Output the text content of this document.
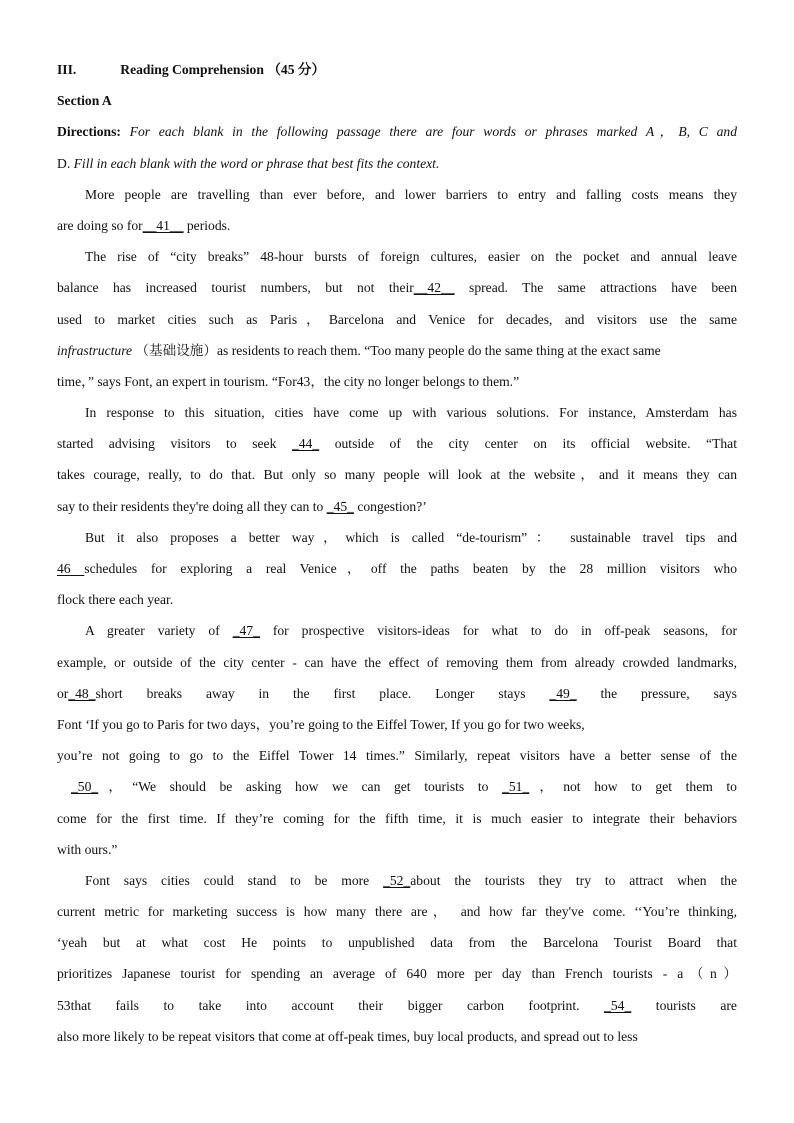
III.	Reading Comprehension （45 分）
Section A
Directions: For each blank in the following passage there are four words or phrases marked A，B, C and
D. Fill in each blank with the word or phrase that best fits the context.
More people are travelling than ever before, and lower barriers to entry and falling costs means they
are doing so for__41__ periods.
The rise of “city breaks” 48-hour bursts of foreign cultures, easier on the pocket and annual leave
balance has increased tourist numbers, but not their__42__ spread. The same attractions have been
used to market cities such as Paris，Barcelona and Venice for decades, and visitors use the same
infrastructure （基础设施）as residents to reach them. “Too many people do the same thing at the exact same
time，” says Font, an expert in tourism. “For43，the city no longer belongs to them.”
In response to this situation, cities have come up with various solutions. For instance, Amsterdam has
started advising visitors to seek _44_ outside of the city center on its official website. “That
takes courage, really, to do that. But only so many people will look at the website，and it means they can
say to their residents they're doing all they can to _45_ congestion?’
But it also proposes a better way，which is called “de-tourism”： sustainable travel tips and
46 schedules for exploring a real Venice，off the paths beaten by the 28 million visitors who
flock there each year.
A greater variety of _47_ for prospective visitors-ideas for what to do in off-peak seasons, for
example, or outside of the city center - can have the effect of removing them from already crowded landmarks,
or_48_short breaks away in the first place. Longer stays _49_ the pressure, says
Font ‘If you go to Paris for two days，you’re going to the Eiffel Tower, If you go for two weeks,
you’re not going to go to the Eiffel Tower 14 times.” Similarly, repeat visitors have a better sense of the
_50_，“We should be asking how we can get tourists to _51_，not how to get them to
come for the first time. If they’re coming for the fifth time, it is much easier to integrate their behaviors
with ours.”
Font says cities could stand to be more _52_about the tourists they try to attract when the
current metric for marketing success is how many there are， and how far they've come. ‘‘You’re thinking,
‘yeah but at what cost He points to unpublished data from the Barcelona Tourist Board that
prioritizes Japanese tourist for spending an average of 640 more per day than French tourists - a（n）
53that fails to take into account their bigger carbon footprint. _54_ tourists are
also more likely to be repeat visitors that come at off-peak times, buy local products, and spread out to less
